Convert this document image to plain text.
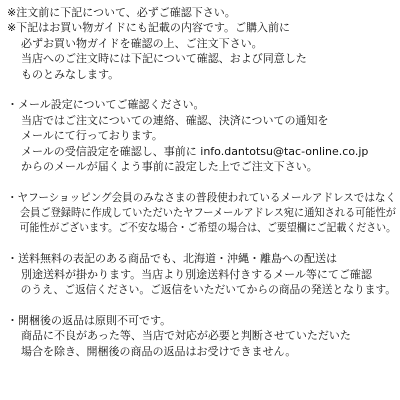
※注文前に下記について、必ずご確認下さい。
※下記はお買い物ガイドにも記載の内容です。ご購入前に
必ずお買い物ガイドを確認の上、ご注文下さい。
当店へのご注文時には下記について確認、および同意した
ものとみなします。
・メール設定についてご確認ください。
当店ではご注文についての連絡、確認、決済についての通知を
メールにて行っております。
メールの受信設定を確認し、事前に info.dantotsu@tac-online.co.jp
からのメールが届くよう事前に設定した上でご注文下さい。
・ヤフーショッピング会員のみなさまの普段使われているメールアドレスではなく
会員ご登録時に作成していただいたヤフーメールアドレス宛に通知される可能性が
可能性がございます。ご不安な場合・ご希望の場合は、ご要望欄にご記載ください。
・送料無料の表記のある商品でも、北海道・沖縄・離島への配送は
別途送料が掛かります。当店より別途送料付きするメール等にてご確認
のうえ、ご返信ください。ご返信をいただいてからの商品の発送となります。
・開梱後の返品は原則不可です。
商品に不良があった等、当店で対応が必要と判断させていただいた
場合を除き、開梱後の商品の返品はお受けできません。
